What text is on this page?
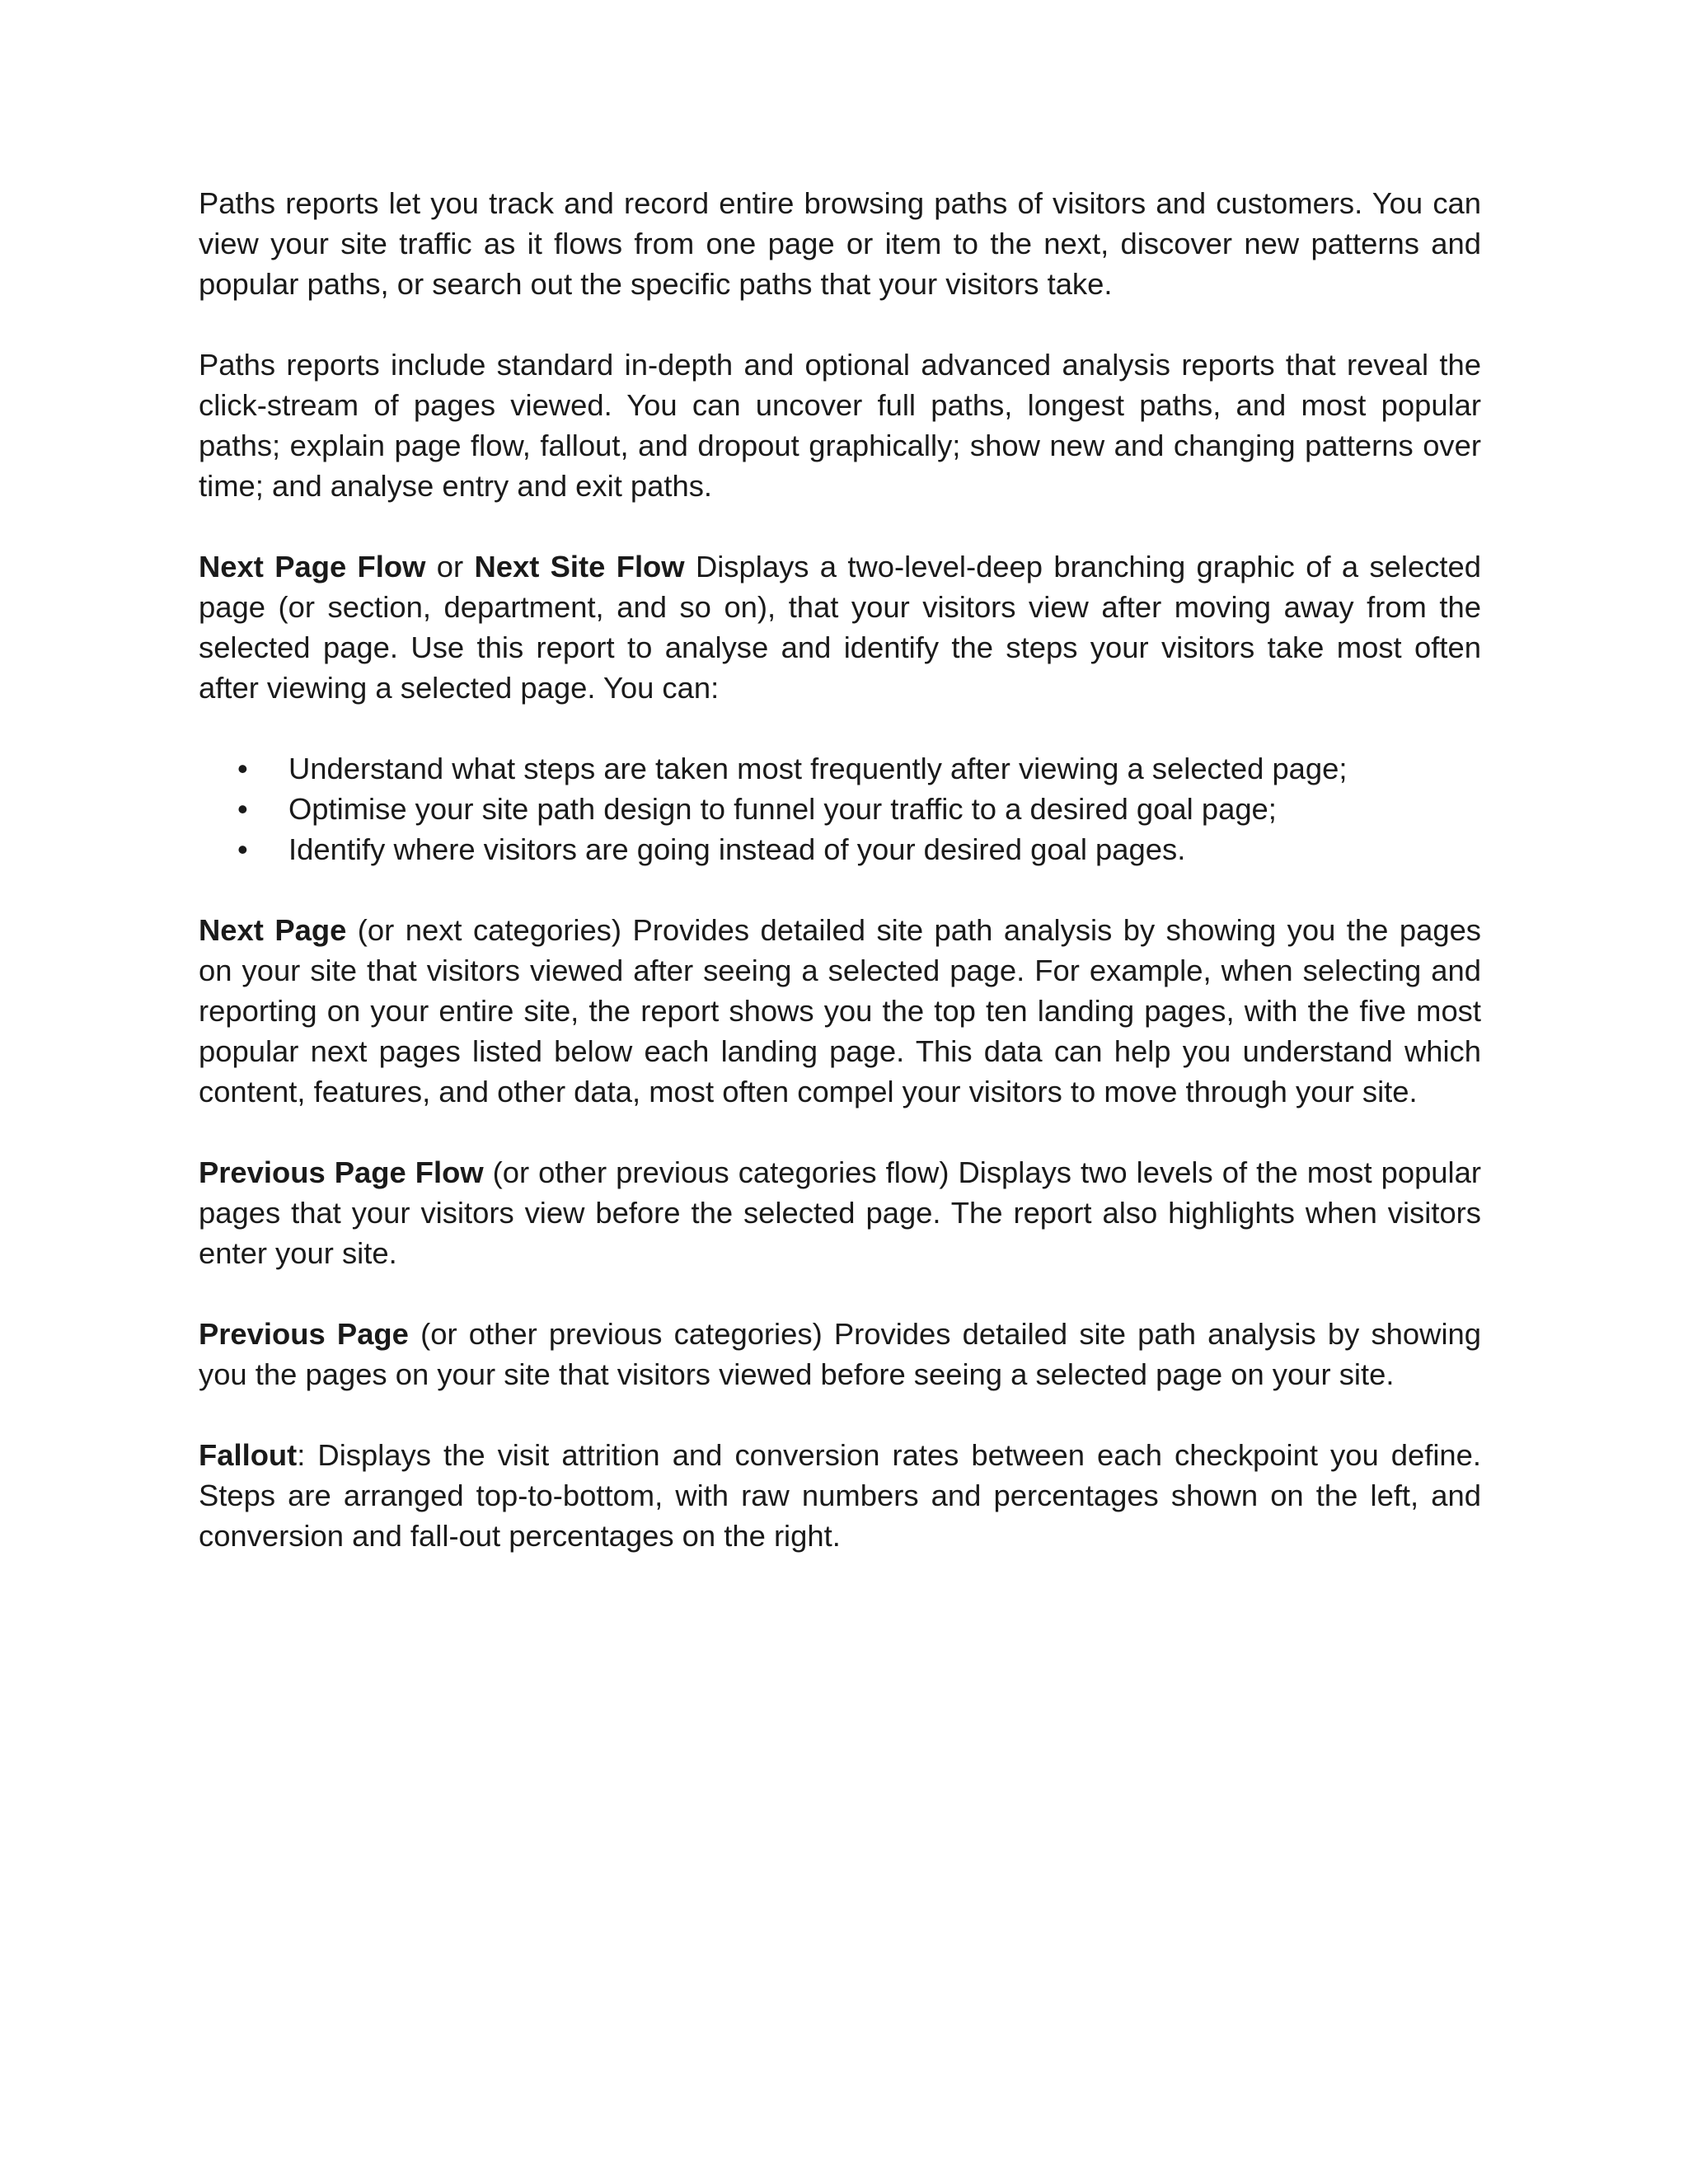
Paths reports let you track and record entire browsing paths of visitors and customers. You can view your site traffic as it flows from one page or item to the next, discover new patterns and popular paths, or search out the specific paths that your visitors take.

Paths reports include standard in-depth and optional advanced analysis reports that reveal the click-stream of pages viewed. You can uncover full paths, longest paths, and most popular paths; explain page flow, fallout, and dropout graphically; show new and changing patterns over time; and analyse entry and exit paths.

Next Page Flow or Next Site Flow Displays a two-level-deep branching graphic of a selected page (or section, department, and so on), that your visitors view after moving away from the selected page. Use this report to analyse and identify the steps your visitors take most often after viewing a selected page. You can:

• Understand what steps are taken most frequently after viewing a selected page;
• Optimise your site path design to funnel your traffic to a desired goal page;
• Identify where visitors are going instead of your desired goal pages.

Next Page (or next categories) Provides detailed site path analysis by showing you the pages on your site that visitors viewed after seeing a selected page. For example, when selecting and reporting on your entire site, the report shows you the top ten landing pages, with the five most popular next pages listed below each landing page. This data can help you understand which content, features, and other data, most often compel your visitors to move through your site.

Previous Page Flow (or other previous categories flow) Displays two levels of the most popular pages that your visitors view before the selected page. The report also highlights when visitors enter your site.

Previous Page (or other previous categories) Provides detailed site path analysis by showing you the pages on your site that visitors viewed before seeing a selected page on your site.

Fallout: Displays the visit attrition and conversion rates between each checkpoint you define. Steps are arranged top-to-bottom, with raw numbers and percentages shown on the left, and conversion and fall-out percentages on the right.
